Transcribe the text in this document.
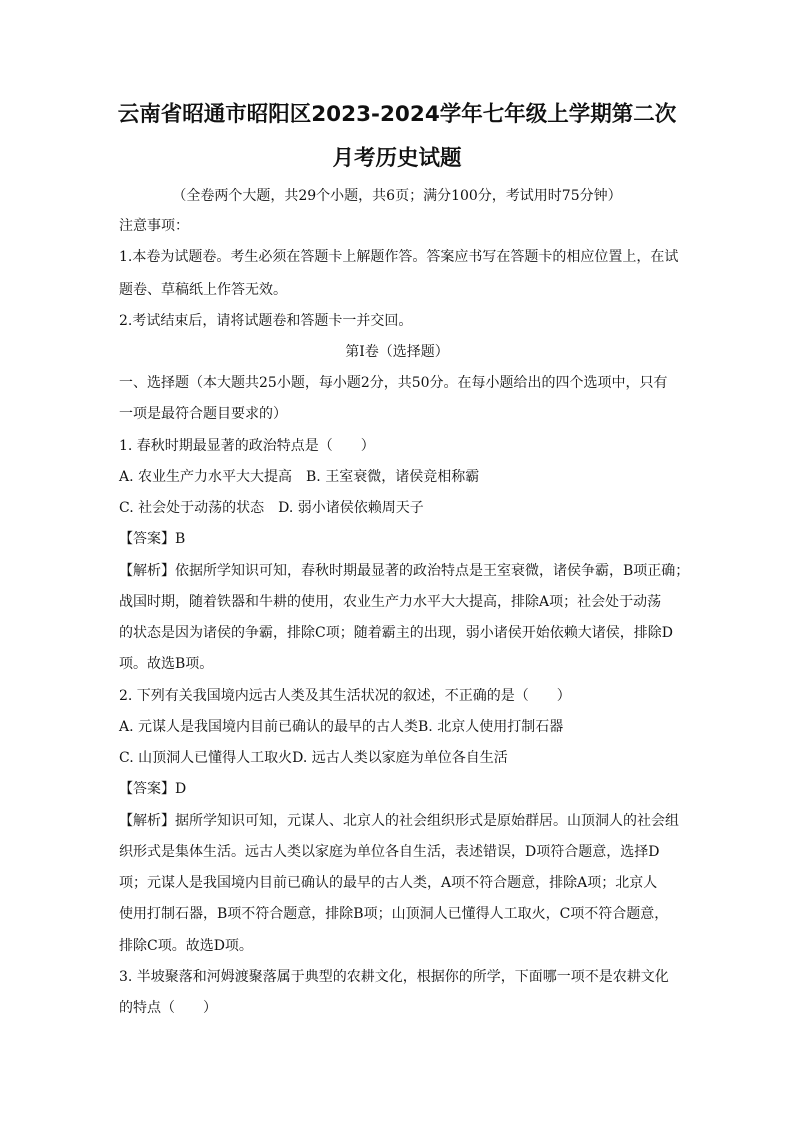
云南省昭通市昭阳区2023-2024学年七年级上学期第二次
月考历史试题
（全卷两个大题，共29个小题，共6页；满分100分，考试用时75分钟）
注意事项：
1.本卷为试题卷。考生必须在答题卡上解题作答。答案应书写在答题卡的相应位置上，在试
题卷、草稿纸上作答无效。
2.考试结束后，请将试题卷和答题卡一并交回。
第Ⅰ卷（选择题）
一、选择题（本大题共25小题，每小题2分，共50分。在每小题给出的四个选项中，只有
一项是最符合题目要求的）
1. 春秋时期最显著的政治特点是（　　）
A. 农业生产力水平大大提高 B. 王室衰微，诸侯竞相称霸
C. 社会处于动荡的状态 D. 弱小诸侯依赖周天子
【答案】B
【解析】依据所学知识可知，春秋时期最显著的政治特点是王室衰微，诸侯争霸，B项正确；
战国时期，随着铁器和牛耕的使用，农业生产力水平大大提高，排除A项；社会处于动荡
的状态是因为诸侯的争霸，排除C项；随着霸主的出现，弱小诸侯开始依赖大诸侯，排除D
项。故选B项。
2. 下列有关我国境内远古人类及其生活状况的叙述，不正确的是（　　）
A. 元谋人是我国境内目前已确认的最早的古人类B. 北京人使用打制石器
C. 山顶洞人已懂得人工取火D. 远古人类以家庭为单位各自生活
【答案】D
【解析】据所学知识可知，元谋人、北京人的社会组织形式是原始群居。山顶洞人的社会组
织形式是集体生活。远古人类以家庭为单位各自生活，表述错误，D项符合题意，选择D
项；元谋人是我国境内目前已确认的最早的古人类，A项不符合题意，排除A项；北京人
使用打制石器，B项不符合题意，排除B项；山顶洞人已懂得人工取火，C项不符合题意，
排除C项。故选D项。
3. 半坡聚落和河姆渡聚落属于典型的农耕文化，根据你的所学，下面哪一项不是农耕文化
的特点（　　）
